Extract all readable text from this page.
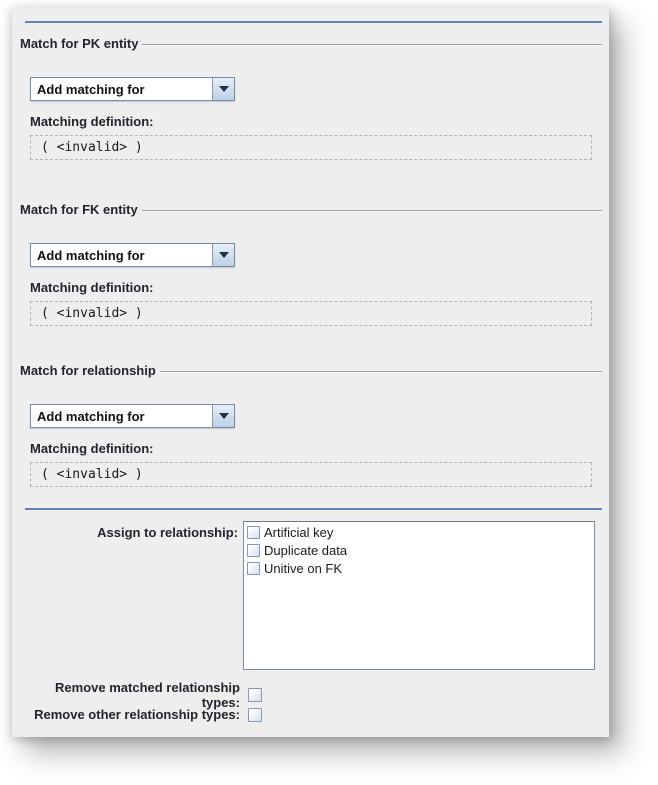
Match for PK entity
Add matching for
Matching definition:
( <invalid> )
Match for FK entity
Add matching for
Matching definition:
( <invalid> )
Match for relationship
Add matching for
Matching definition:
( <invalid> )
Assign to relationship: Artificial key
Duplicate data
Unitive on FK
Remove matched relationship types:
Remove other relationship types:
